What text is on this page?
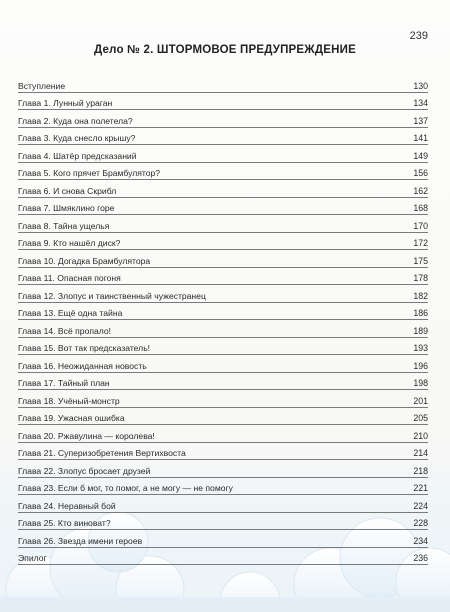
239
Дело № 2. ШТОРМОВОЕ ПРЕДУПРЕЖДЕНИЕ
Вступление	130
Глава 1. Лунный ураган	134
Глава 2. Куда она полетела?	137
Глава 3. Куда снесло крышу?	141
Глава 4. Шатёр предсказаний	149
Глава 5. Кого прячет Брамбулятор?	156
Глава 6. И снова Скрибл	162
Глава 7. Шмяклино горе	168
Глава 8. Тайна ущелья	170
Глава 9. Кто нашёл диск?	172
Глава 10. Догадка Брамбулятора	175
Глава 11. Опасная погоня	178
Глава 12. Злопус и таинственный чужестранец	182
Глава 13. Ещё одна тайна	186
Глава 14. Всё пропало!	189
Глава 15. Вот так предсказатель!	193
Глава 16. Неожиданная новость	196
Глава 17. Тайный план	198
Глава 18. Учёный-монстр	201
Глава 19. Ужасная ошибка	205
Глава 20. Ржавулина — королева!	210
Глава 21. Суперизобретения Вертихвоста	214
Глава 22. Злопус бросает друзей	218
Глава 23. Если б мог, то помог, а не могу — не помогу	221
Глава 24. Неравный бой	224
Глава 25. Кто виноват?	228
Глава 26. Звезда имени героев	234
Эпилог	236
